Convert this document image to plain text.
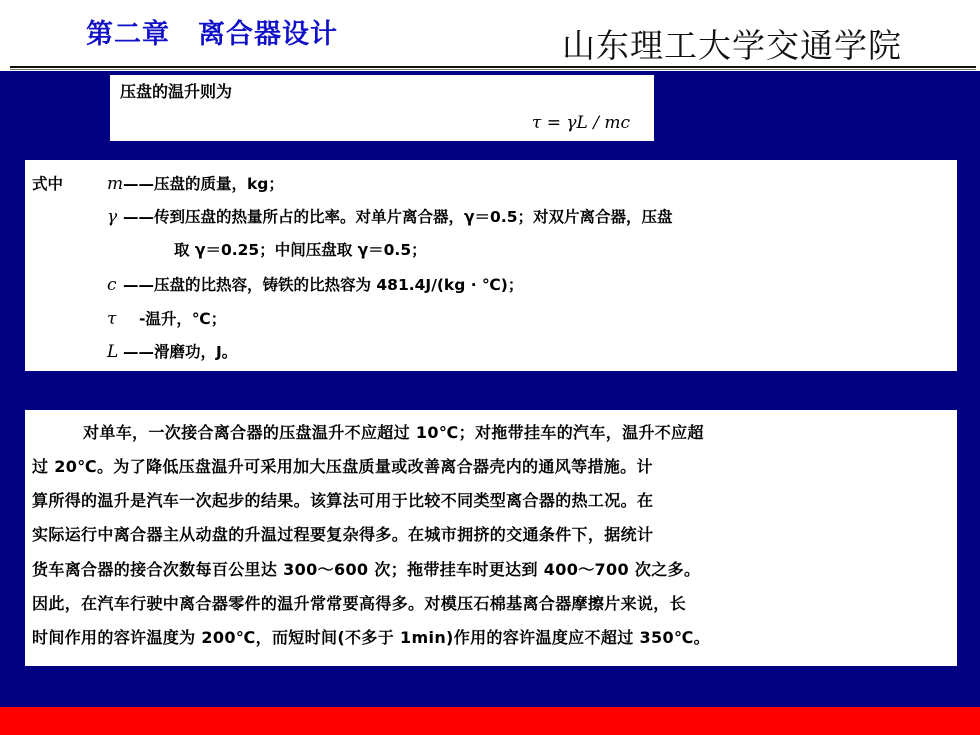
第二章　离合器设计	山东理工大学交通学院
压盘的温升则为
τ = γL / mc
式中	m——压盘的质量，kg；
γ ——传到压盘的热量所占的比率。对单片离合器，γ＝0.5；对双片离合器，压盘
取 γ＝0.25；中间压盘取 γ＝0.5；
c ——压盘的比热容，铸铁的比热容为 481.4J/(kg · ℃)；
τ -温升，℃；
L ——滑磨功，J。
对单车，一次接合离合器的压盘温升不应超过 10℃；对拖带挂车的汽车，温升不应超
过 20℃。为了降低压盘温升可采用加大压盘质量或改善离合器壳内的通风等措施。计
算所得的温升是汽车一次起步的结果。该算法可用于比较不同类型离合器的热工况。在
实际运行中离合器主从动盘的升温过程要复杂得多。在城市拥挤的交通条件下，据统计
货车离合器的接合次数每百公里达 300～600 次；拖带挂车时更达到 400～700 次之多。
因此，在汽车行驶中离合器零件的温升常常要高得多。对模压石棉基离合器摩擦片来说，长
时间作用的容许温度为 200℃，而短时间(不多于 1min)作用的容许温度应不超过 350℃。
